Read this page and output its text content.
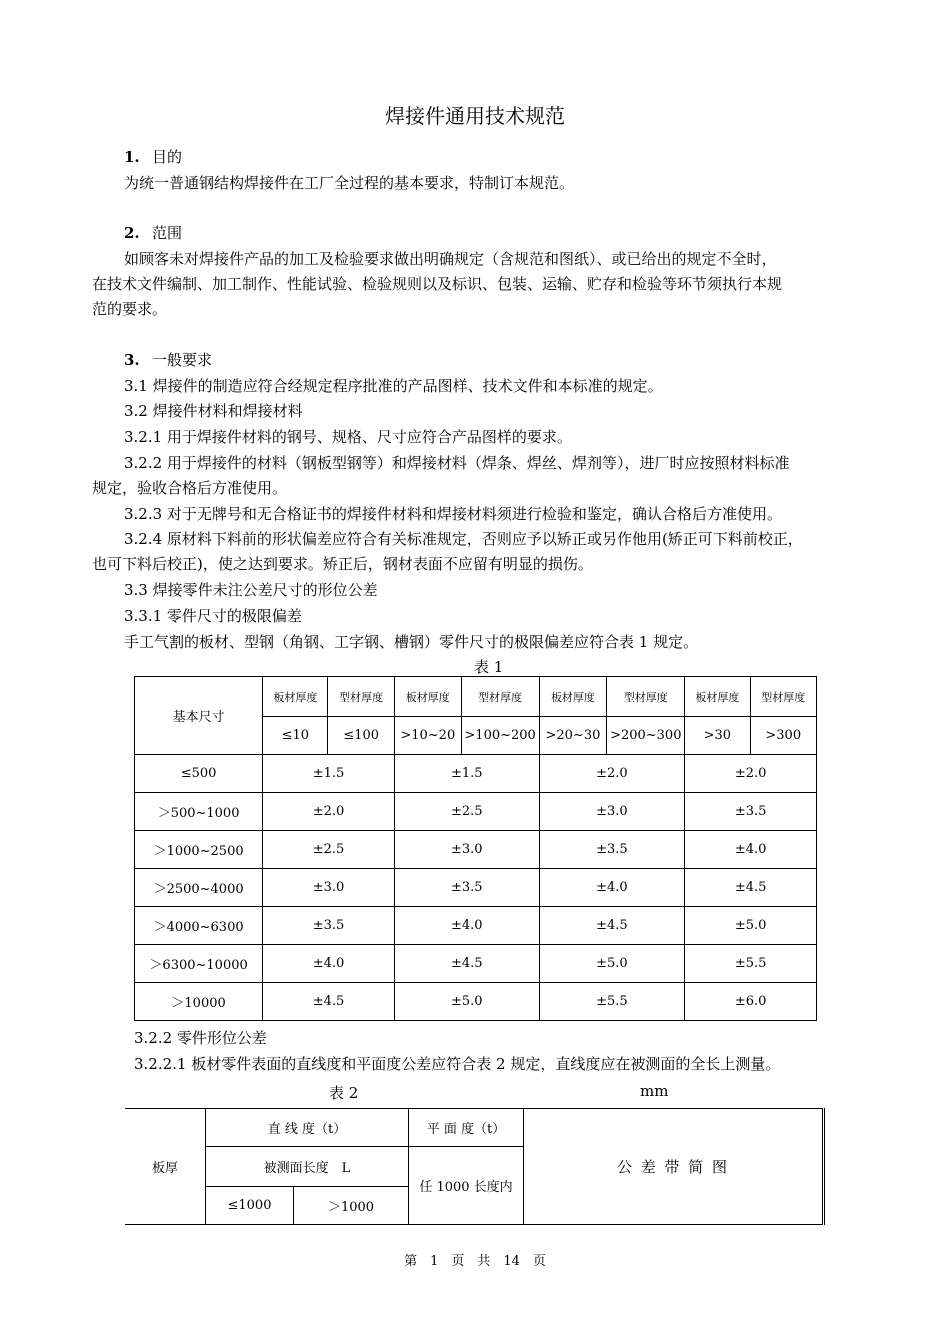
焊接件通用技术规范
1. 目的
为统一普通钢结构焊接件在工厂全过程的基本要求，特制订本规范。
2. 范围
如顾客未对焊接件产品的加工及检验要求做出明确规定（含规范和图纸）、或已给出的规定不全时，
在技术文件编制、加工制作、性能试验、检验规则以及标识、包装、运输、贮存和检验等环节须执行本规
范的要求。
3. 一般要求
3.1 焊接件的制造应符合经规定程序批准的产品图样、技术文件和本标准的规定。
3.2 焊接件材料和焊接材料
3.2.1 用于焊接件材料的钢号、规格、尺寸应符合产品图样的要求。
3.2.2 用于焊接件的材料（钢板型钢等）和焊接材料（焊条、焊丝、焊剂等），进厂时应按照材料标准
规定，验收合格后方准使用。
3.2.3 对于无牌号和无合格证书的焊接件材料和焊接材料须进行检验和鉴定，确认合格后方准使用。
3.2.4 原材料下料前的形状偏差应符合有关标准规定，否则应予以矫正或另作他用(矫正可下料前校正，
也可下料后校正)，使之达到要求。矫正后，钢材表面不应留有明显的损伤。
3.3 焊接零件未注公差尺寸的形位公差
3.3.1 零件尺寸的极限偏差
手工气割的板材、型钢（角钢、工字钢、槽钢）零件尺寸的极限偏差应符合表 1 规定。
表 1
基本尺寸	板材厚度	型材厚度	板材厚度	型材厚度	板材厚度	型材厚度	板材厚度	型材厚度
	≤10	≤100	>10~20	>100~200	>20~30	>200~300	>30	>300
≤500	±1.5		±1.5		±2.0		±2.0	
＞500~1000	±2.0		±2.5		±3.0		±3.5	
＞1000~2500	±2.5		±3.0		±3.5		±4.0	
＞2500~4000	±3.0		±3.5		±4.0		±4.5	
＞4000~6300	±3.5		±4.0		±4.5		±5.0	
＞6300~10000	±4.0		±4.5		±5.0		±5.5	
＞10000	±4.5		±5.0		±5.5		±6.0	
3.2.2 零件形位公差
3.2.2.1 板材零件表面的直线度和平面度公差应符合表 2 规定，直线度应在被测面的全长上测量。
表 2	mm
板厚	直 线 度（t）		平 面 度（t）	公 差 带 简 图
	被测面长度　L		任 1000 长度内	
	≤1000	＞1000		
第　1　页　共　14　页
